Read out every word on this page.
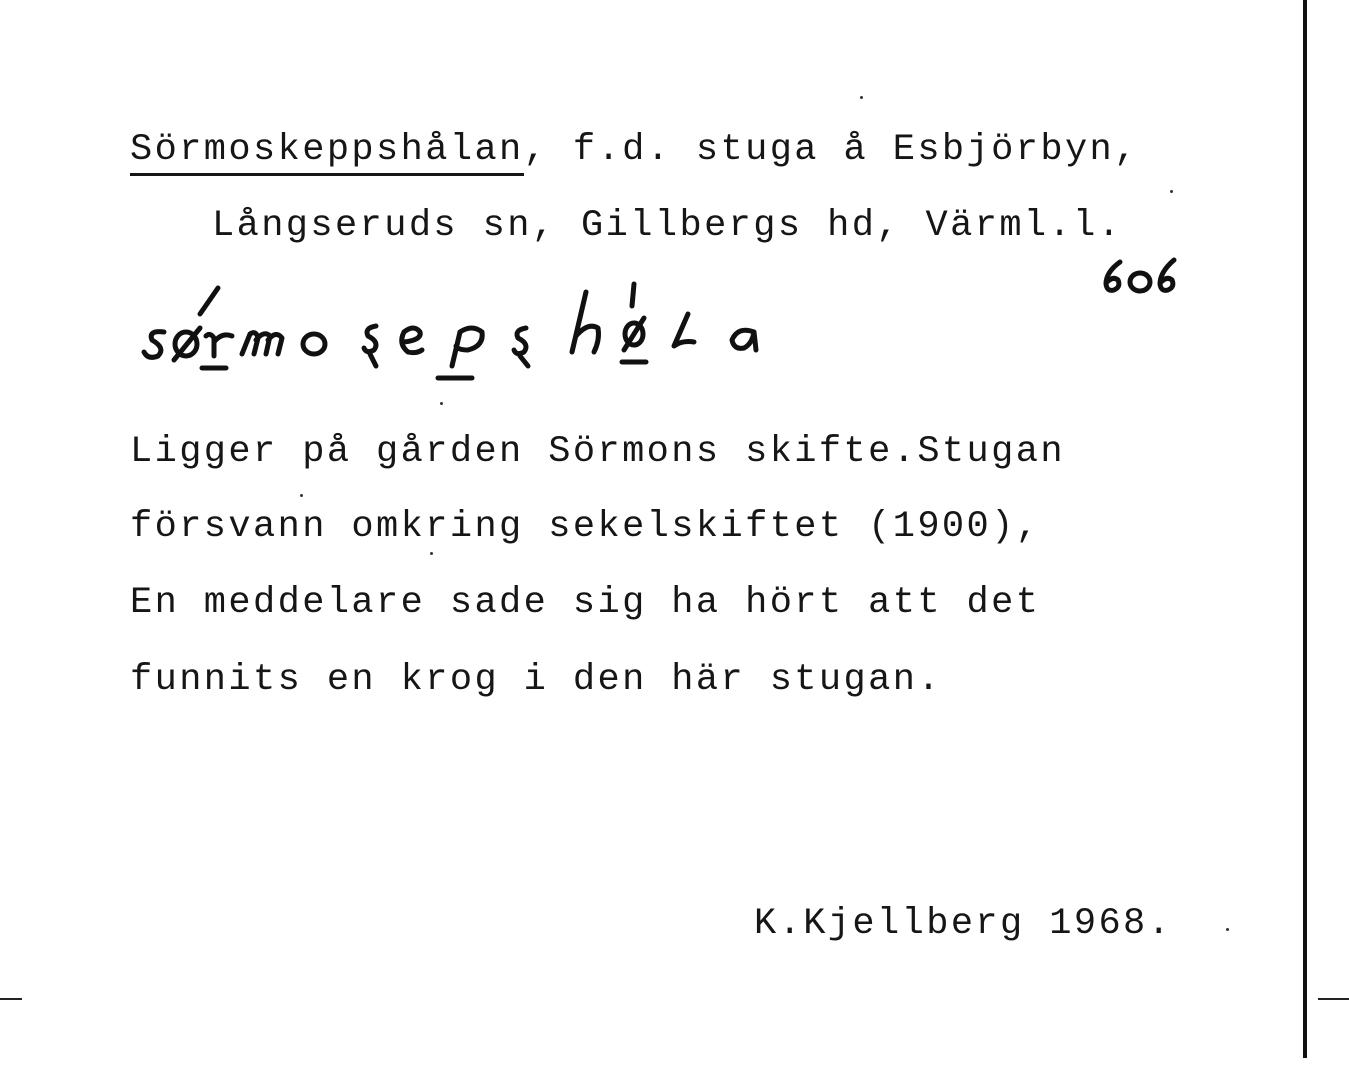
Sörmoskeppshålan, f.d. stuga å Esbjörbyn,
Långseruds sn, Gillbergs hd, Värml.l.
Ligger på gården Sörmons skifte.Stugan
försvann omkring sekelskiftet (1900),
En meddelare sade sig ha hört att det
funnits en krog i den här stugan.
K.Kjellberg 1968.
